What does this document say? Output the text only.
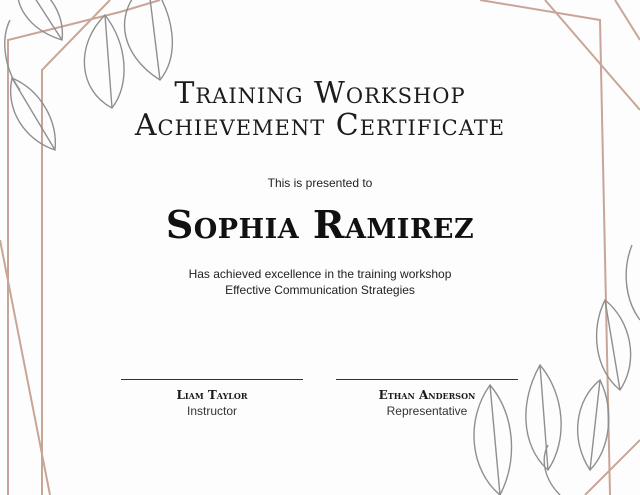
Training Workshop
Achievement Certificate
This is presented to
Sophia Ramirez
Has achieved excellence in the training workshop
Effective Communication Strategies
Liam Taylor
Instructor
Ethan Anderson
Representative
